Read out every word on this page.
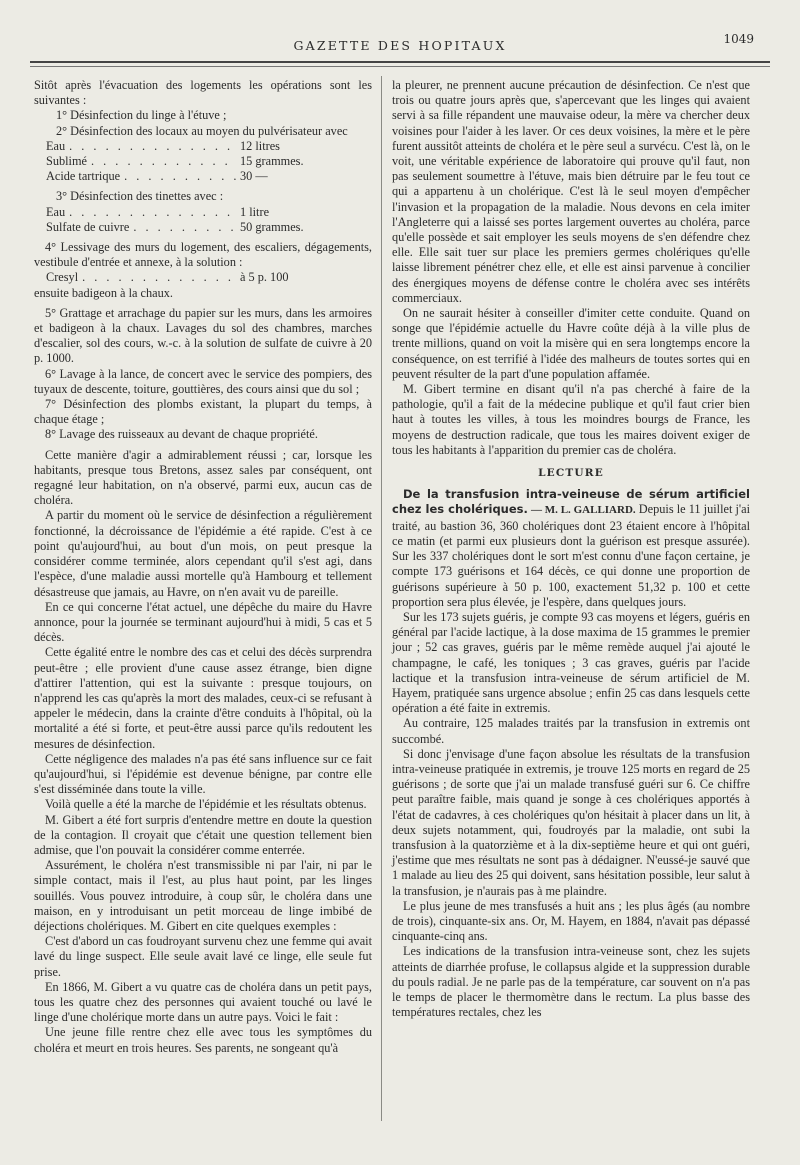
GAZETTE DES HOPITAUX	1049

Sitôt après l'évacuation des logements les opérations sont les suivantes :

1° Désinfection du linge à l'étuve ;

2° Désinfection des locaux au moyen du pulvérisateur avec

Eau . . .	12 litres
Sublimé . . .	15 grammes.
Acide tartrique . . .	30 —

3° Désinfection des tinettes avec :

Eau . . .	1 litre
Sulfate de cuivre . . .	50 grammes.

4° Lessivage des murs du logement, des escaliers, dégagements, vestibule d'entrée et annexe, à la solution :

Cresyl . . .	à 5 p. 100

ensuite badigeon à la chaux.

5° Grattage et arrachage du papier sur les murs, dans les armoires et badigeon à la chaux. Lavages du sol des chambres, marches d'escalier, sol des cours, w.-c. à la solution de sulfate de cuivre à 20 p. 1000.

6° Lavage à la lance, de concert avec le service des pompiers, des tuyaux de descente, toiture, gouttières, des cours ainsi que du sol ;

7° Désinfection des plombs existant, la plupart du temps, à chaque étage ;

8° Lavage des ruisseaux au devant de chaque propriété.

Cette manière d'agir a admirablement réussi ; car, lorsque les habitants, presque tous Bretons, assez sales par conséquent, ont regagné leur habitation, on n'a observé, parmi eux, aucun cas de choléra.

A partir du moment où le service de désinfection a régulièrement fonctionné, la décroissance de l'épidémie a été rapide. C'est à ce point qu'aujourd'hui, au bout d'un mois, on peut presque la considérer comme terminée, alors cependant qu'il s'est agi, dans l'espèce, d'une maladie aussi mortelle qu'à Hambourg et tellement désastreuse que jamais, au Havre, on n'en avait vu de pareille.

En ce qui concerne l'état actuel, une dépêche du maire du Havre annonce, pour la journée se terminant aujourd'hui à midi, 5 cas et 5 décès.

Cette égalité entre le nombre des cas et celui des décès surprendra peut-être ; elle provient d'une cause assez étrange, bien digne d'attirer l'attention, qui est la suivante : presque toujours, on n'apprend les cas qu'après la mort des malades, ceux-ci se refusant à appeler le médecin, dans la crainte d'être conduits à l'hôpital, où la mortalité a été si forte, et peut-être aussi parce qu'ils redoutent les mesures de désinfection.

Cette négligence des malades n'a pas été sans influence sur ce fait qu'aujourd'hui, si l'épidémie est devenue bénigne, par contre elle s'est disséminée dans toute la ville.

Voilà quelle a été la marche de l'épidémie et les résultats obtenus.

M. Gibert a été fort surpris d'entendre mettre en doute la question de la contagion. Il croyait que c'était une question tellement bien admise, que l'on pouvait la considérer comme enterrée.

Assurément, le choléra n'est transmissible ni par l'air, ni par le simple contact, mais il l'est, au plus haut point, par les linges souillés. Vous pouvez introduire, à coup sûr, le choléra dans une maison, en y introduisant un petit morceau de linge imbibé de déjections cholériques. M. Gibert en cite quelques exemples :

C'est d'abord un cas foudroyant survenu chez une femme qui avait lavé du linge suspect. Elle seule avait lavé ce linge, elle seule fut prise.

En 1866, M. Gibert a vu quatre cas de choléra dans un petit pays, tous les quatre chez des personnes qui avaient touché ou lavé le linge d'une cholérique morte dans un autre pays. Voici le fait :

Une jeune fille rentre chez elle avec tous les symptômes du choléra et meurt en trois heures. Ses parents, ne songeant qu'à

la pleurer, ne prennent aucune précaution de désinfection. Ce n'est que trois ou quatre jours après que, s'apercevant que les linges qui avaient servi à sa fille répandent une mauvaise odeur, la mère va chercher deux voisines pour l'aider à les laver. Or ces deux voisines, la mère et le père furent aussitôt atteints de choléra et le père seul a survécu. C'est là, on le voit, une véritable expérience de laboratoire qui prouve qu'il faut, non pas seulement soumettre à l'étuve, mais bien détruire par le feu tout ce qui a appartenu à un cholérique. C'est là le seul moyen d'empêcher l'invasion et la propagation de la maladie. Nous devons en cela imiter l'Angleterre qui a laissé ses portes largement ouvertes au choléra, parce qu'elle possède et sait employer les seuls moyens de s'en défendre chez elle. Elle sait tuer sur place les premiers germes cholériques qu'elle laisse librement pénétrer chez elle, et elle est ainsi parvenue à concilier des énergiques moyens de défense contre le choléra avec ses intérêts commerciaux.

On ne saurait hésiter à conseiller d'imiter cette conduite. Quand on songe que l'épidémie actuelle du Havre coûte déjà à la ville plus de trente millions, quand on voit la misère qui en sera longtemps encore la conséquence, on est terrifié à l'idée des malheurs de toutes sortes qui en peuvent résulter de la part d'une population affamée.

M. Gibert termine en disant qu'il n'a pas cherché à faire de la pathologie, qu'il a fait de la médecine publique et qu'il faut crier bien haut à toutes les villes, à tous les moindres bourgs de France, les moyens de destruction radicale, que tous les maires doivent exiger de tous les habitants à l'apparition du premier cas de choléra.

LECTURE

De la transfusion intra-veineuse de sérum artificiel chez les cholériques. — M. L. GALLIARD. Depuis le 11 juillet j'ai traité, au bastion 36, 360 cholériques dont 23 étaient encore à l'hôpital ce matin (et parmi eux plusieurs dont la guérison est presque assurée). Sur les 337 cholériques dont le sort m'est connu d'une façon certaine, je compte 173 guérisons et 164 décès, ce qui donne une proportion de guérisons supérieure à 50 p. 100, exactement 51,32 p. 100 et cette proportion sera plus élevée, je l'espère, dans quelques jours.

Sur les 173 sujets guéris, je compte 93 cas moyens et légers, guéris en général par l'acide lactique, à la dose maxima de 15 grammes le premier jour ; 52 cas graves, guéris par le même remède auquel j'ai ajouté le champagne, le café, les toniques ; 3 cas graves, guéris par l'acide lactique et la transfusion intra-veineuse de sérum artificiel de M. Hayem, pratiquée sans urgence absolue ; enfin 25 cas dans lesquels cette opération a été faite in extremis.

Au contraire, 125 malades traités par la transfusion in extremis ont succombé.

Si donc j'envisage d'une façon absolue les résultats de la transfusion intra-veineuse pratiquée in extremis, je trouve 125 morts en regard de 25 guérisons ; de sorte que j'ai un malade transfusé guéri sur 6. Ce chiffre peut paraître faible, mais quand je songe à ces cholériques apportés à l'état de cadavres, à ces cholériques qu'on hésitait à placer dans un lit, à deux sujets notamment, qui, foudroyés par la maladie, ont subi la transfusion à la quatorzième et à la dix-septième heure et qui ont guéri, j'estime que mes résultats ne sont pas à dédaigner. N'eussé-je sauvé que 1 malade au lieu des 25 qui doivent, sans hésitation possible, leur salut à la transfusion, je n'aurais pas à me plaindre.

Le plus jeune de mes transfusés a huit ans ; les plus âgés (au nombre de trois), cinquante-six ans. Or, M. Hayem, en 1884, n'avait pas dépassé cinquante-cinq ans.

Les indications de la transfusion intra-veineuse sont, chez les sujets atteints de diarrhée profuse, le collapsus algide et la suppression durable du pouls radial. Je ne parle pas de la température, car souvent on n'a pas le temps de placer le thermomètre dans le rectum. La plus basse des températures rectales, chez les
